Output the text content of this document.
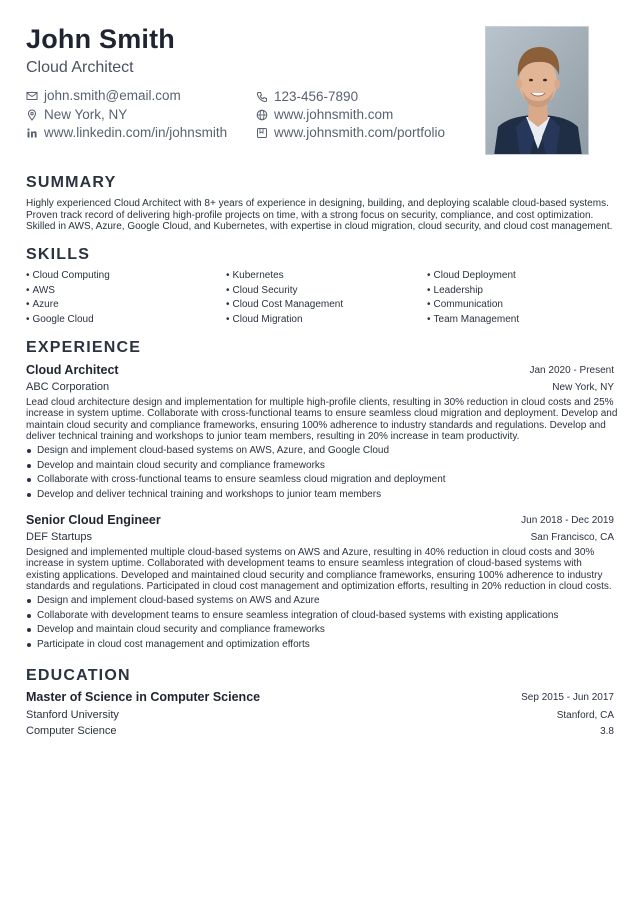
John Smith
Cloud Architect
john.smith@email.com	123-456-7890
New York, NY	www.johnsmith.com
www.linkedin.com/in/johnsmith	www.johnsmith.com/portfolio
SUMMARY
Highly experienced Cloud Architect with 8+ years of experience in designing, building, and deploying scalable cloud-based systems. Proven track record of delivering high-profile projects on time, with a strong focus on security, compliance, and cost optimization. Skilled in AWS, Azure, Google Cloud, and Kubernetes, with expertise in cloud migration, cloud security, and cloud cost management.
SKILLS
• Cloud Computing
• AWS
• Azure
• Google Cloud
• Kubernetes
• Cloud Security
• Cloud Cost Management
• Cloud Migration
• Cloud Deployment
• Leadership
• Communication
• Team Management
EXPERIENCE
Cloud Architect	Jan 2020 - Present
ABC Corporation	New York, NY
Lead cloud architecture design and implementation for multiple high-profile clients, resulting in 30% reduction in cloud costs and 25% increase in system uptime. Collaborate with cross-functional teams to ensure seamless cloud migration and deployment. Develop and maintain cloud security and compliance frameworks, ensuring 100% adherence to industry standards and regulations. Develop and deliver technical training and workshops to junior team members, resulting in 20% increase in team productivity.
Design and implement cloud-based systems on AWS, Azure, and Google Cloud
Develop and maintain cloud security and compliance frameworks
Collaborate with cross-functional teams to ensure seamless cloud migration and deployment
Develop and deliver technical training and workshops to junior team members
Senior Cloud Engineer	Jun 2018 - Dec 2019
DEF Startups	San Francisco, CA
Designed and implemented multiple cloud-based systems on AWS and Azure, resulting in 40% reduction in cloud costs and 30% increase in system uptime. Collaborated with development teams to ensure seamless integration of cloud-based systems with existing applications. Developed and maintained cloud security and compliance frameworks, ensuring 100% adherence to industry standards and regulations. Participated in cloud cost management and optimization efforts, resulting in 20% reduction in cloud costs.
Design and implement cloud-based systems on AWS and Azure
Collaborate with development teams to ensure seamless integration of cloud-based systems with existing applications
Develop and maintain cloud security and compliance frameworks
Participate in cloud cost management and optimization efforts
EDUCATION
Master of Science in Computer Science	Sep 2015 - Jun 2017
Stanford University	Stanford, CA
Computer Science	3.8
